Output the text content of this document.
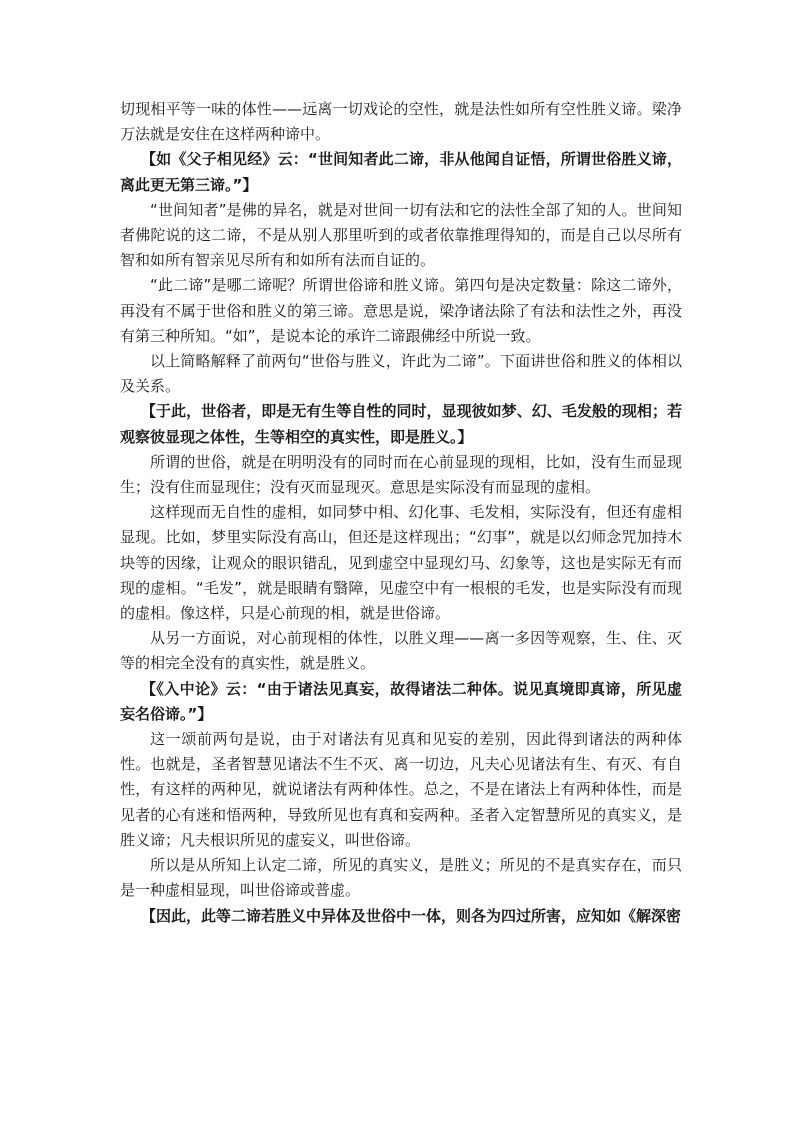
切现相平等一味的体性——远离一切戏论的空性，就是法性如所有空性胜义谛。梁净万法就是安住在这样两种谛中。

【如《父子相见经》云：“世间知者此二谛，非从他闻自证悟，所谓世俗胜义谛，离此更无第三谛。”】

“世间知者”是佛的异名，就是对世间一切有法和它的法性全部了知的人。世间知者佛陀说的这二谛，不是从别人那里听到的或者依靠推理得知的，而是自己以尽所有智和如所有智亲见尽所有和如所有法而自证的。

“此二谛”是哪二谛呢？所谓世俗谛和胜义谛。第四句是决定数量：除这二谛外，再没有不属于世俗和胜义的第三谛。意思是说，梁净诸法除了有法和法性之外，再没有第三种所知。“如”，是说本论的承许二谛跟佛经中所说一致。

以上简略解释了前两句“世俗与胜义，许此为二谛”。下面讲世俗和胜义的体相以及关系。

【于此，世俗者，即是无有生等自性的同时，显现彼如梦、幻、毛发般的现相；若观察彼显现之体性，生等相空的真实性，即是胜义。】

所谓的世俗，就是在明明没有的同时而在心前显现的现相，比如，没有生而显现生；没有住而显现住；没有灭而显现灭。意思是实际没有而显现的虚相。

这样现而无自性的虚相，如同梦中相、幻化事、毛发相，实际没有，但还有虚相显现。比如，梦里实际没有高山，但还是这样现出；“幻事”，就是以幻师念咒加持木块等的因缘，让观众的眼识错乱，见到虚空中显现幻马、幻象等，这也是实际无有而现的虚相。“毛发”，就是眼睛有翳障，见虚空中有一根根的毛发，也是实际没有而现的虚相。像这样，只是心前现的相，就是世俗谛。

从另一方面说，对心前现相的体性，以胜义理——离一多因等观察，生、住、灭等的相完全没有的真实性，就是胜义。

【《入中论》云：“由于诸法见真妄，故得诸法二种体。说见真境即真谛，所见虚妄名俗谛。”】

这一颂前两句是说，由于对诸法有见真和见妄的差别，因此得到诸法的两种体性。也就是，圣者智慧见诸法不生不灭、离一切边，凡夫心见诸法有生、有灭、有自性，有这样的两种见，就说诸法有两种体性。总之，不是在诸法上有两种体性，而是见者的心有迷和悟两种，导致所见也有真和妄两种。圣者入定智慧所见的真实义，是胜义谛；凡夫根识所见的虚妄义，叫世俗谛。

所以是从所知上认定二谛，所见的真实义，是胜义；所见的不是真实存在，而只是一种虚相显现，叫世俗谛或普虚。

【因此，此等二谛若胜义中异体及世俗中一体，则各为四过所害，应知如《解深密
